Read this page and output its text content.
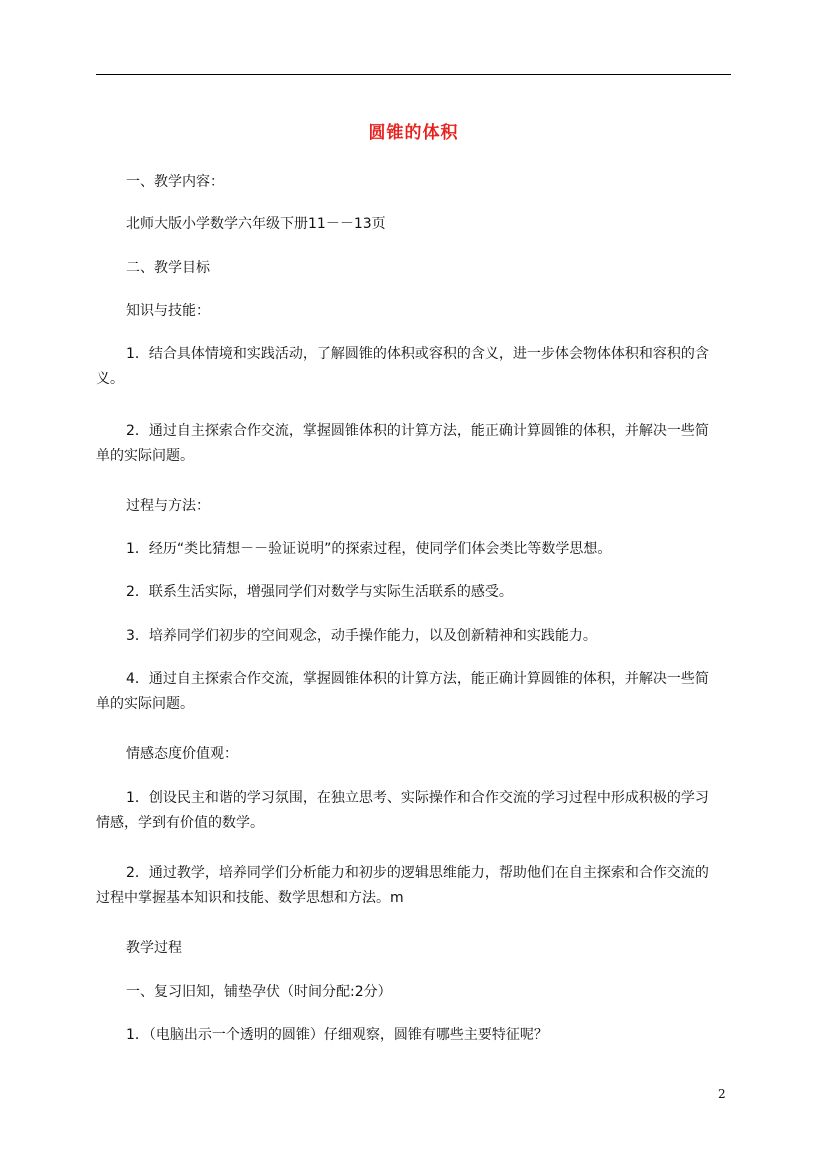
圆锥的体积

一、教学内容：

北师大版小学数学六年级下册11－－13页

二、教学目标

知识与技能：

1．结合具体情境和实践活动，了解圆锥的体积或容积的含义，进一步体会物体体积和容积的含
义。
2．通过自主探索合作交流，掌握圆锥体积的计算方法，能正确计算圆锥的体积，并解决一些简
单的实际问题。

过程与方法：

1．经历“类比猜想－－验证说明”的探索过程，使同学们体会类比等数学思想。

2．联系生活实际，增强同学们对数学与实际生活联系的感受。

3．培养同学们初步的空间观念，动手操作能力，以及创新精神和实践能力。

4．通过自主探索合作交流，掌握圆锥体积的计算方法，能正确计算圆锥的体积，并解决一些简
单的实际问题。

情感态度价值观：

1．创设民主和谐的学习氛围，在独立思考、实际操作和合作交流的学习过程中形成积极的学习
情感，学到有价值的数学。
2．通过教学，培养同学们分析能力和初步的逻辑思维能力，帮助他们在自主探索和合作交流的
过程中掌握基本知识和技能、数学思想和方法。m

教学过程

一、复习旧知，铺垫孕伏（时间分配:2分）

1．（电脑出示一个透明的圆锥）仔细观察，圆锥有哪些主要特征呢？

2
